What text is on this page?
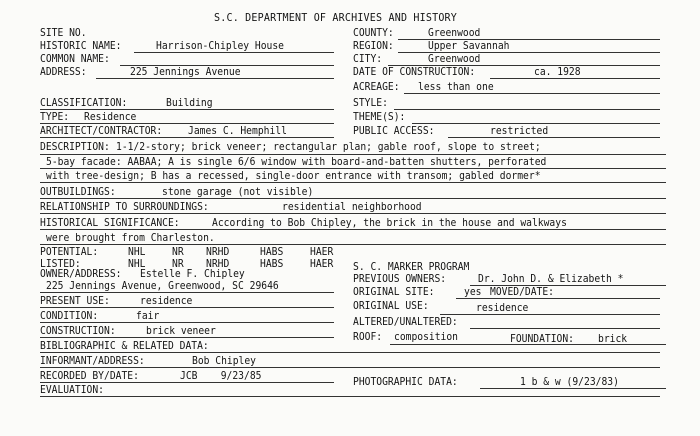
S.C. DEPARTMENT OF ARCHIVES AND HISTORY
SITE NO.	COUNTY:	Greenwood
HISTORIC NAME:	Harrison-Chipley House	REGION:	Upper Savannah
COMMON NAME:	CITY:	Greenwood
ADDRESS:	225 Jennings Avenue	DATE OF CONSTRUCTION:	ca. 1928
ACREAGE: less than one
CLASSIFICATION:	Building	STYLE:
TYPE: Residence	THEME(S):
ARCHITECT/CONTRACTOR: James C. Hemphill	PUBLIC ACCESS:	restricted
DESCRIPTION: 1-1/2-story; brick veneer; rectangular plan; gable roof, slope to street;
5-bay facade: AABAA; A is single 6/6 window with board-and-batten shutters, perforated
with tree-design; B has a recessed, single-door entrance with transom; gabled dormer*
OUTBUILDINGS:	stone garage (not visible)
RELATIONSHIP TO SURROUNDINGS:	residential neighborhood
HISTORICAL SIGNIFICANCE:	According to Bob Chipley, the brick in the house and walkways
were brought from Charleston.
POTENTIAL:	NHL	NR NRHD	HABS	HAER
LISTED:	NHL	NR NRHD	HABS	HAER
OWNER/ADDRESS: Estelle F. Chipley
S. C. MARKER PROGRAM
PREVIOUS OWNERS:	Dr. John D. & Elizabeth *
225 Jennings Avenue, Greenwood, SC 29646	ORIGINAL SITE:	yes MOVED/DATE:
PRESENT USE:	residence	ORIGINAL USE:	residence
CONDITION:	fair	ALTERED/UNALTERED:
CONSTRUCTION:	brick veneer	ROOF: composition	FOUNDATION: brick
BIBLIOGRAPHIC & RELATED DATA:
INFORMANT/ADDRESS:	Bob Chipley
RECORDED BY/DATE:	JCB    9/23/85	PHOTOGRAPHIC DATA:	1 b & w (9/23/83)
EVALUATION:
